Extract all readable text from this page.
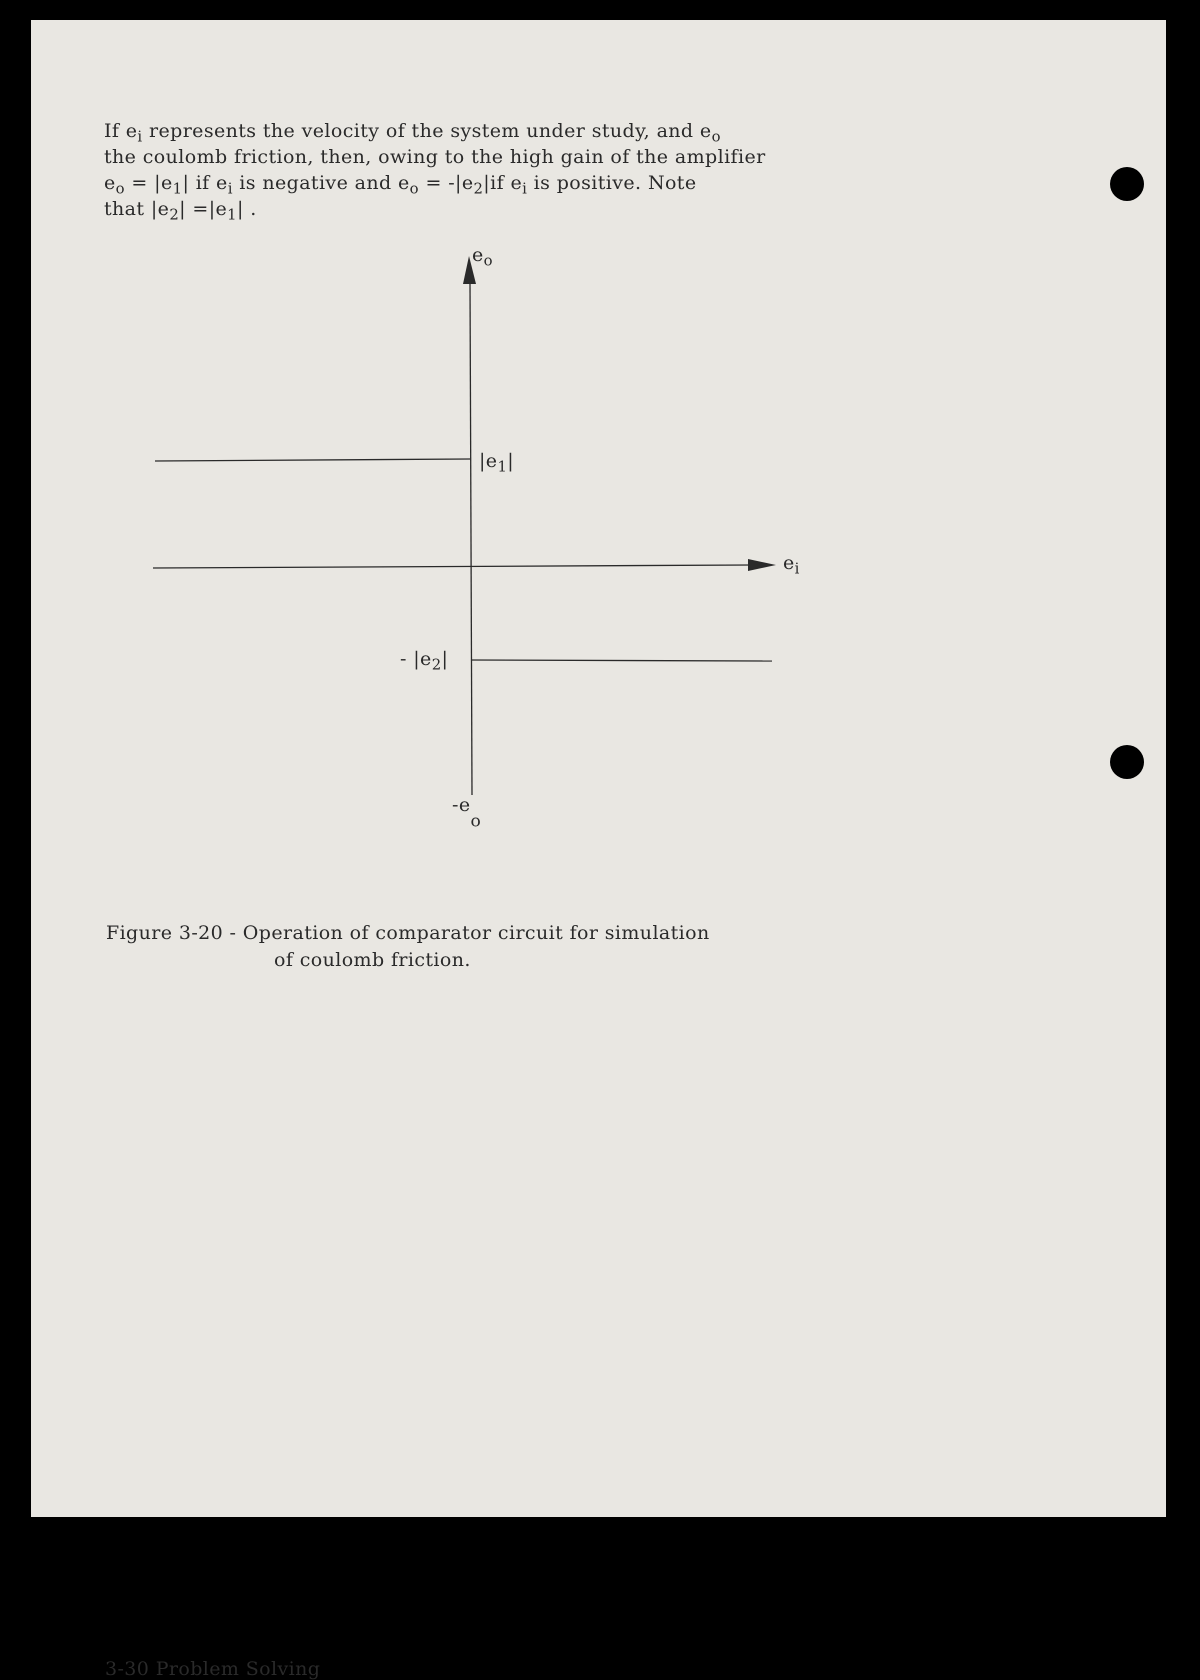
If $e_i$ represents the velocity of the system under study, and $e_o$
the coulomb friction, then, owing to the high gain of the amplifier
$e_o = |e_1|$ if $e_i$ is negative and $e_o = -|e_2|if$ $e_i$ is positive. Note
that $|e_2| =|e_1|$ .
$e_o$
$e_i$
$|e_1|$
- $|e_2|$
$-e_o$
Figure 3-20 - Operation of comparator circuit for simulation
of coulomb friction.
3-30 Problem Solving
